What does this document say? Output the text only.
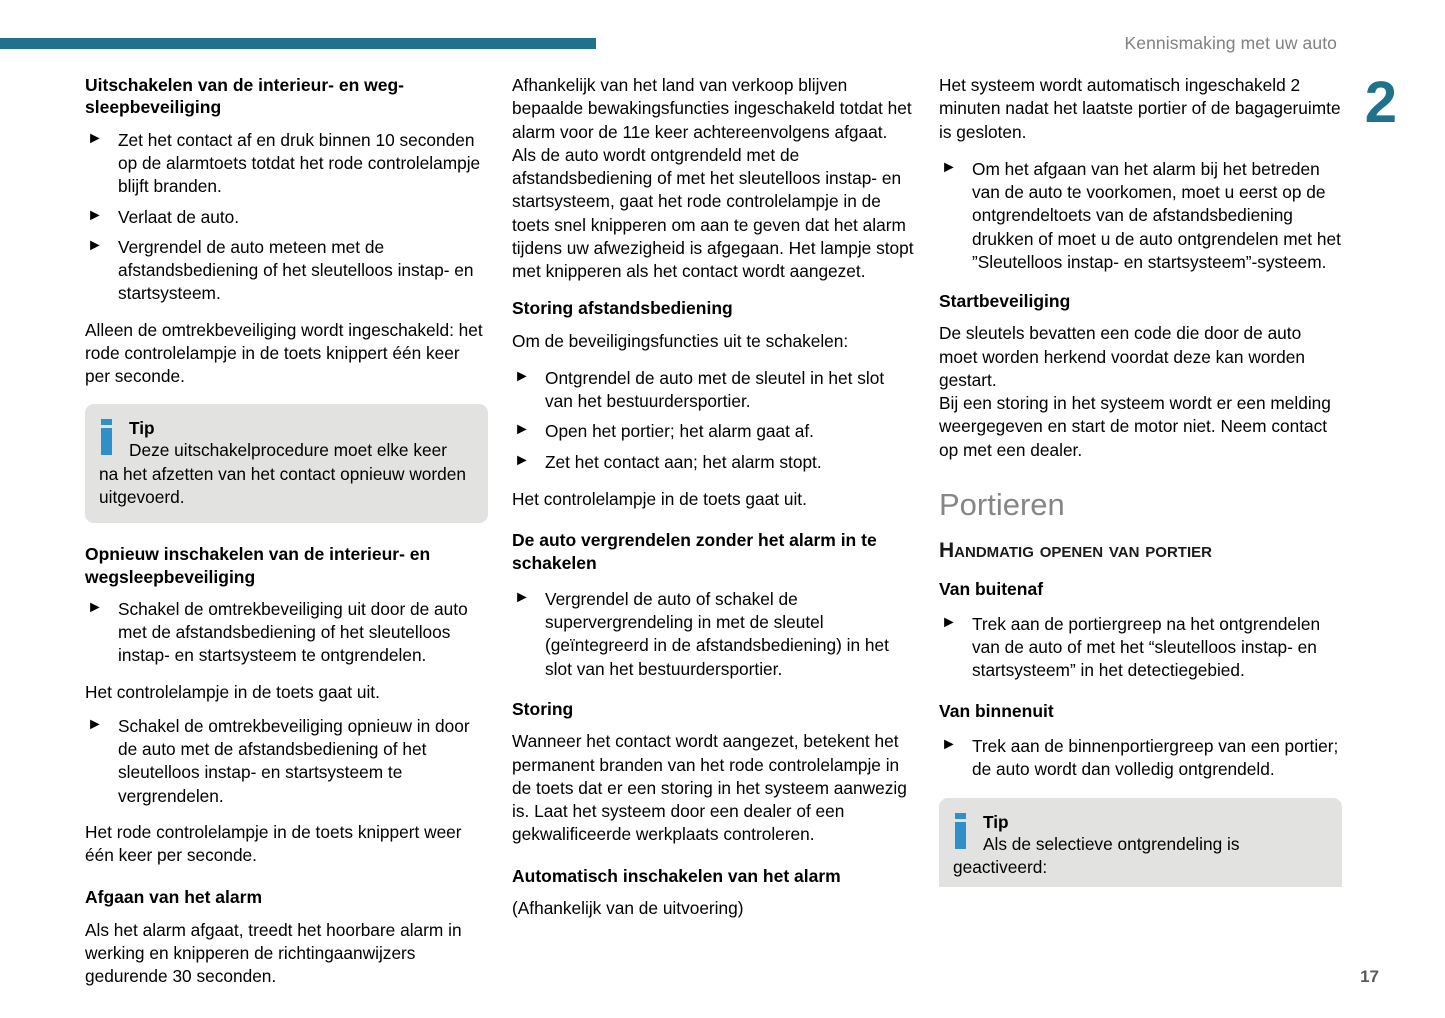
Kennismaking met uw auto
2
Uitschakelen van de interieur- en weg-sleepbeveiliging
► Zet het contact af en druk binnen 10 seconden op de alarmtoets totdat het rode controlelampje blijft branden.
► Verlaat de auto.
► Vergrendel de auto meteen met de afstandsbediening of het sleutelloos instap- en startsysteem.

Alleen de omtrekbeveiliging wordt ingeschakeld: het rode controlelampje in de toets knippert één keer per seconde.

Tip
Deze uitschakelprocedure moet elke keer
na het afzetten van het contact opnieuw worden uitgevoerd.
Opnieuw inschakelen van de interieur- en wegsleepbeveiliging
► Schakel de omtrekbeveiliging uit door de auto met de afstandsbediening of het sleutelloos instap- en startsysteem te ontgrendelen.

Het controlelampje in de toets gaat uit.

► Schakel de omtrekbeveiliging opnieuw in door de auto met de afstandsbediening of het sleutelloos instap- en startsysteem te vergrendelen.

Het rode controlelampje in de toets knippert weer één keer per seconde.

Afgaan van het alarm

Als het alarm afgaat, treedt het hoorbare alarm in werking en knipperen de richtingaanwijzers gedurende 30 seconden.

Afhankelijk van het land van verkoop blijven bepaalde bewakingsfuncties ingeschakeld totdat het alarm voor de 11e keer achtereenvolgens afgaat.

Als de auto wordt ontgrendeld met de afstandsbediening of met het sleutelloos instap- en startsysteem, gaat het rode controlelampje in de toets snel knipperen om aan te geven dat het alarm tijdens uw afwezigheid is afgegaan. Het lampje stopt met knipperen als het contact wordt aangezet.

Storing afstandsbediening

Om de beveiligingsfuncties uit te schakelen:

► Ontgrendel de auto met de sleutel in het slot van het bestuurdersportier.
► Open het portier; het alarm gaat af.
► Zet het contact aan; het alarm stopt.

Het controlelampje in de toets gaat uit.

De auto vergrendelen zonder het alarm in te schakelen
► Vergrendel de auto of schakel de supervergrendeling in met de sleutel (geïntegreerd in de afstandsbediening) in het slot van het bestuurdersportier.
Storing

Wanneer het contact wordt aangezet, betekent het permanent branden van het rode controlelampje in de toets dat er een storing in het systeem aanwezig is. Laat het systeem door een dealer of een gekwalificeerde werkplaats controleren.

Automatisch inschakelen van het alarm

(Afhankelijk van de uitvoering)

Het systeem wordt automatisch ingeschakeld 2 minuten nadat het laatste portier of de bagageruimte is gesloten.

► Om het afgaan van het alarm bij het betreden van de auto te voorkomen, moet u eerst op de ontgrendeltoets van de afstandsbediening drukken of moet u de auto ontgrendelen met het ”Sleutelloos instap- en startsysteem”-systeem.
Startbeveiliging

De sleutels bevatten een code die door de auto moet worden herkend voordat deze kan worden gestart.

Bij een storing in het systeem wordt er een melding weergegeven en start de motor niet. Neem contact op met een dealer.

Portieren
Handmatig openen van portier
Van buitenaf
► Trek aan de portiergreep na het ontgrendelen van de auto of met het “sleutelloos instap- en startsysteem” in het detectiegebied.
Van binnenuit
► Trek aan de binnenportiergreep van een portier; de auto wordt dan volledig ontgrendeld.
Tip
Als de selectieve ontgrendeling is
geactiveerd:
17
